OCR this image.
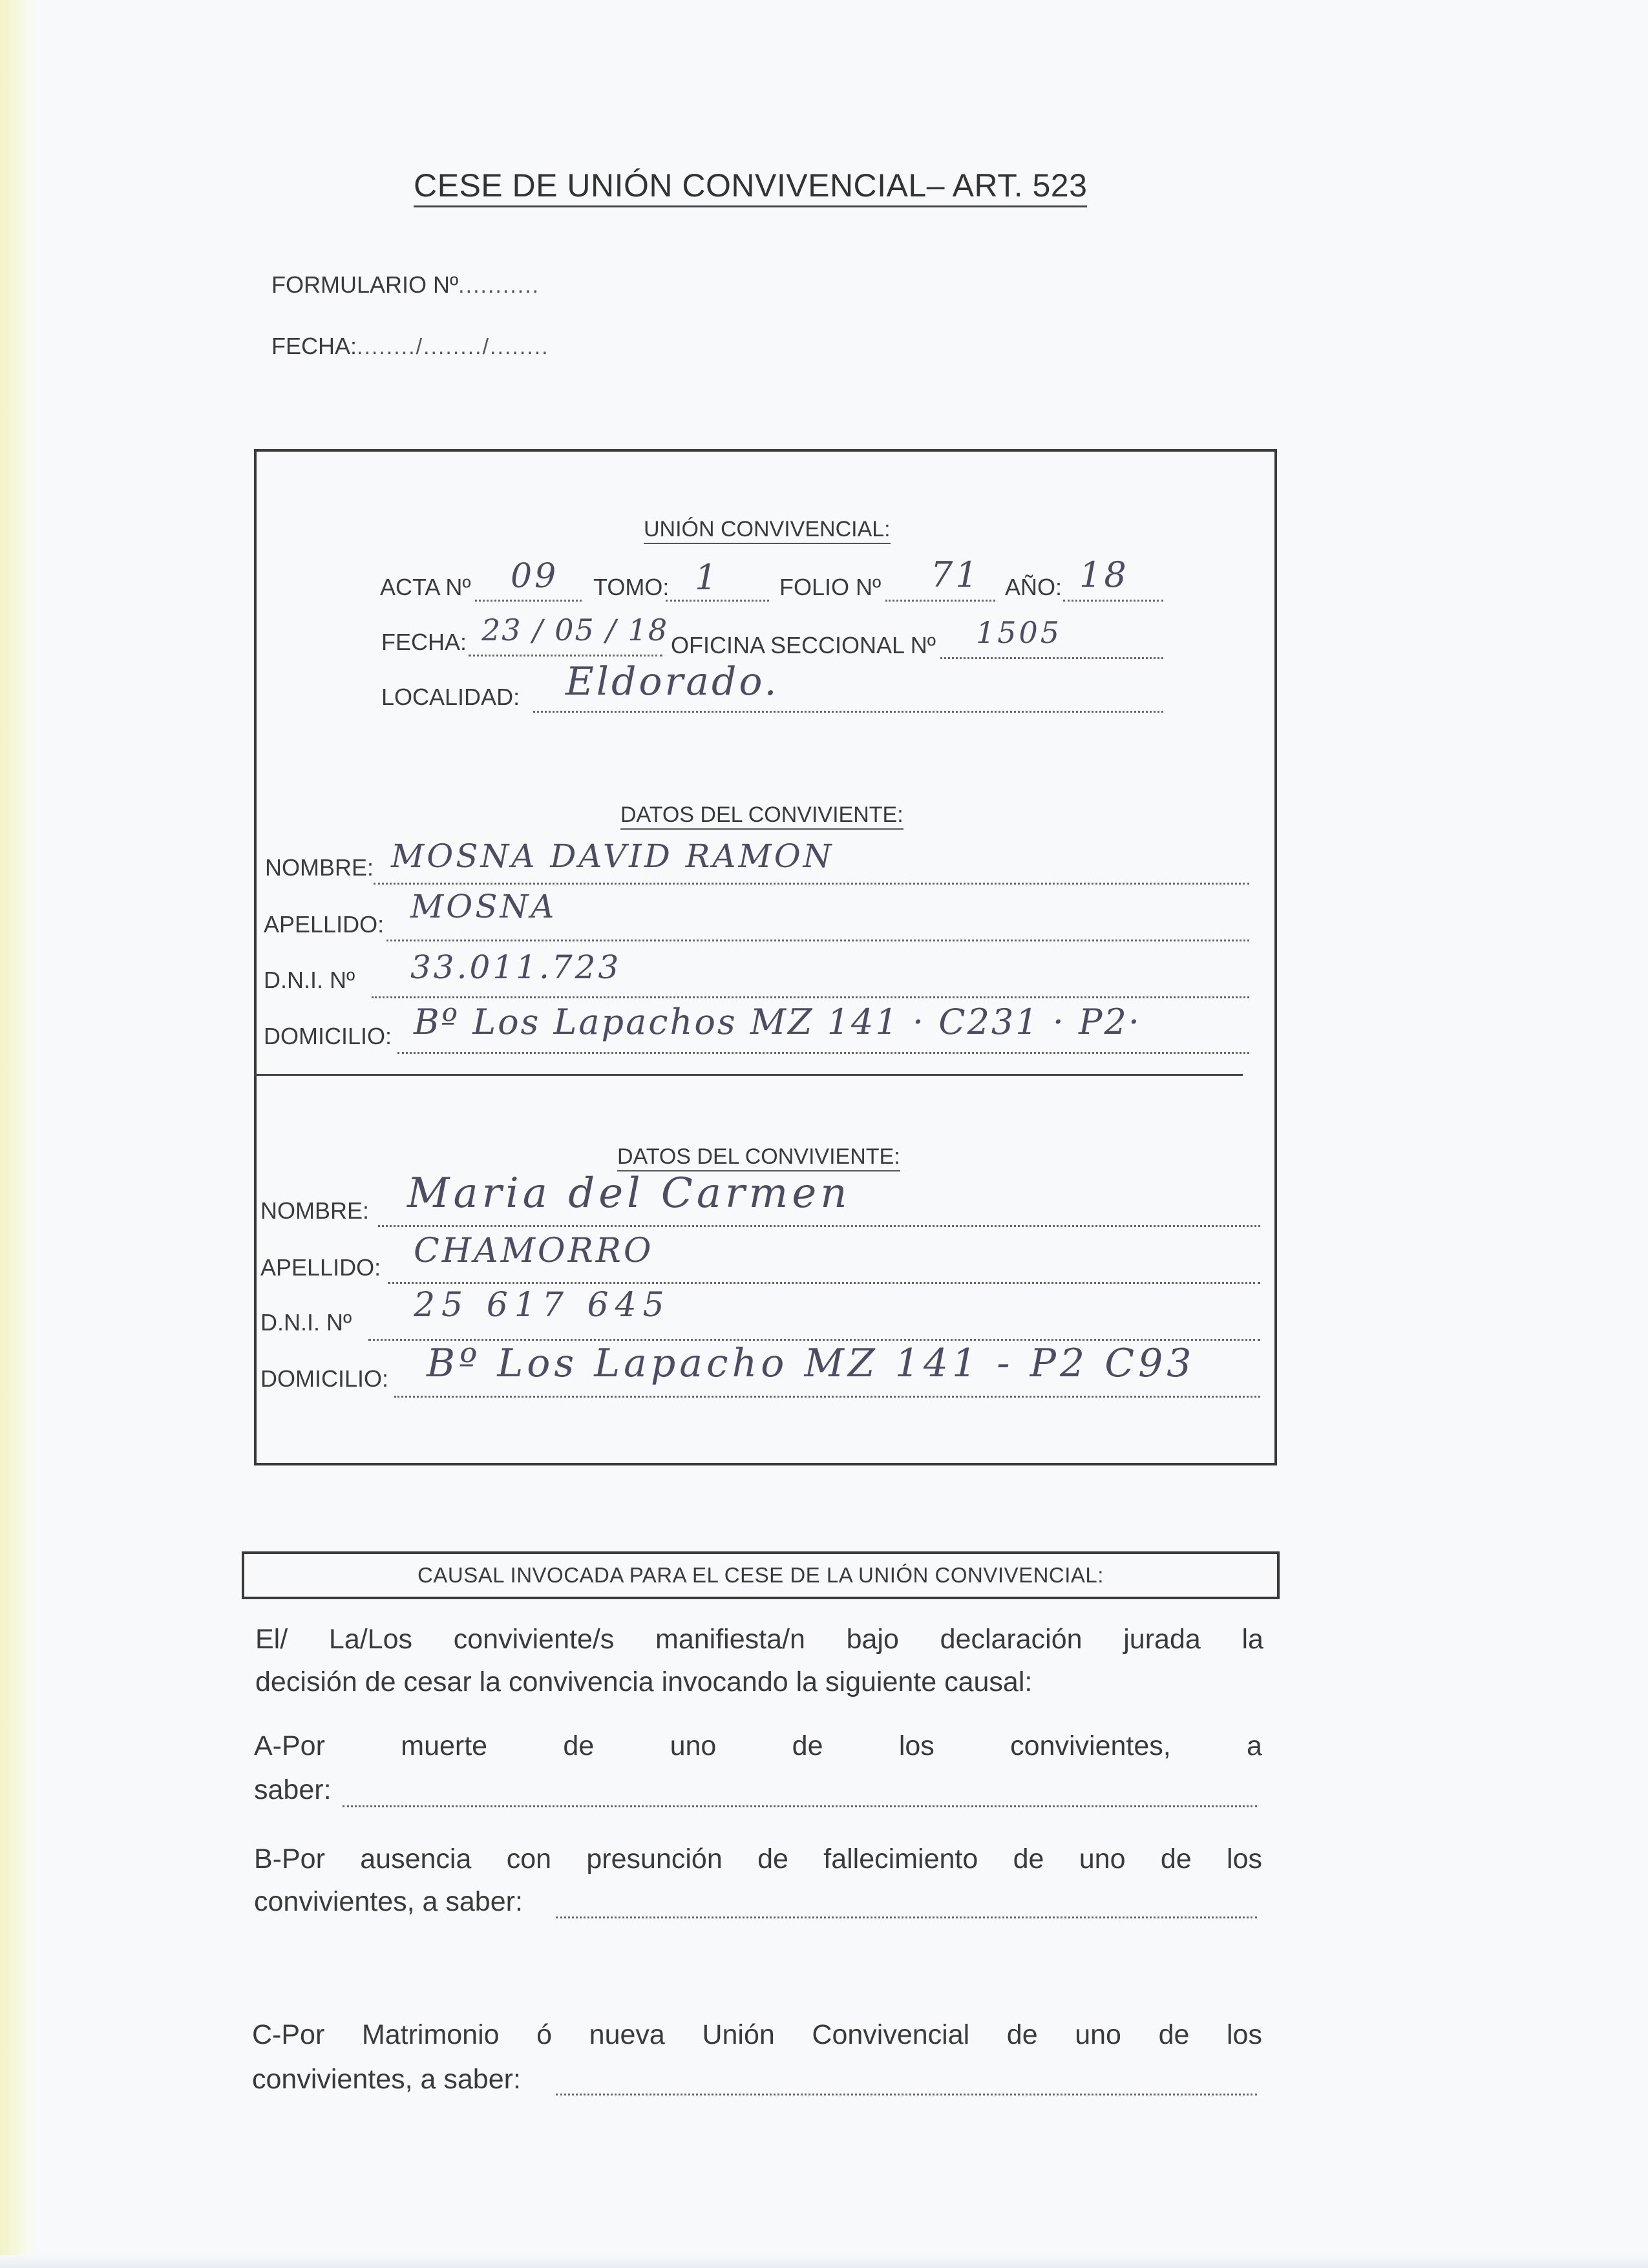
CESE DE UNIÓN CONVIVENCIAL– ART. 523
FORMULARIO Nº...........
FECHA:......../......../........
UNIÓN CONVIVENCIAL:
ACTA Nº 09 TOMO: 1	FOLIO Nº 71 AÑO: 18
FECHA: 23 / 05 / 18 OFICINA SECCIONAL Nº 1505
LOCALIDAD: Eldorado.
DATOS DEL CONVIVIENTE:
NOMBRE: MOSNA DAVID RAMON
APELLIDO: MOSNA
D.N.I. Nº 33.011.723
DOMICILIO: Bº Los Lapachos MZ 141 · C231 · P2·
DATOS DEL CONVIVIENTE:
NOMBRE: Maria del Carmen
APELLIDO: CHAMORRO
D.N.I. Nº 25 617 645
DOMICILIO: Bº Los Lapacho MZ 141 - P2 C93
CAUSAL INVOCADA PARA EL CESE DE LA UNIÓN CONVIVENCIAL:
El/ La/Los conviviente/s manifiesta/n bajo declaración jurada la
decisión de cesar la convivencia invocando la siguiente causal:
A-Por	muerte	de	uno	de	los	convivientes,	a
saber:
B-Por ausencia con presunción de fallecimiento de uno de los
convivientes, a saber:
C-Por Matrimonio ó nueva Unión Convivencial de uno de los
convivientes, a saber:
